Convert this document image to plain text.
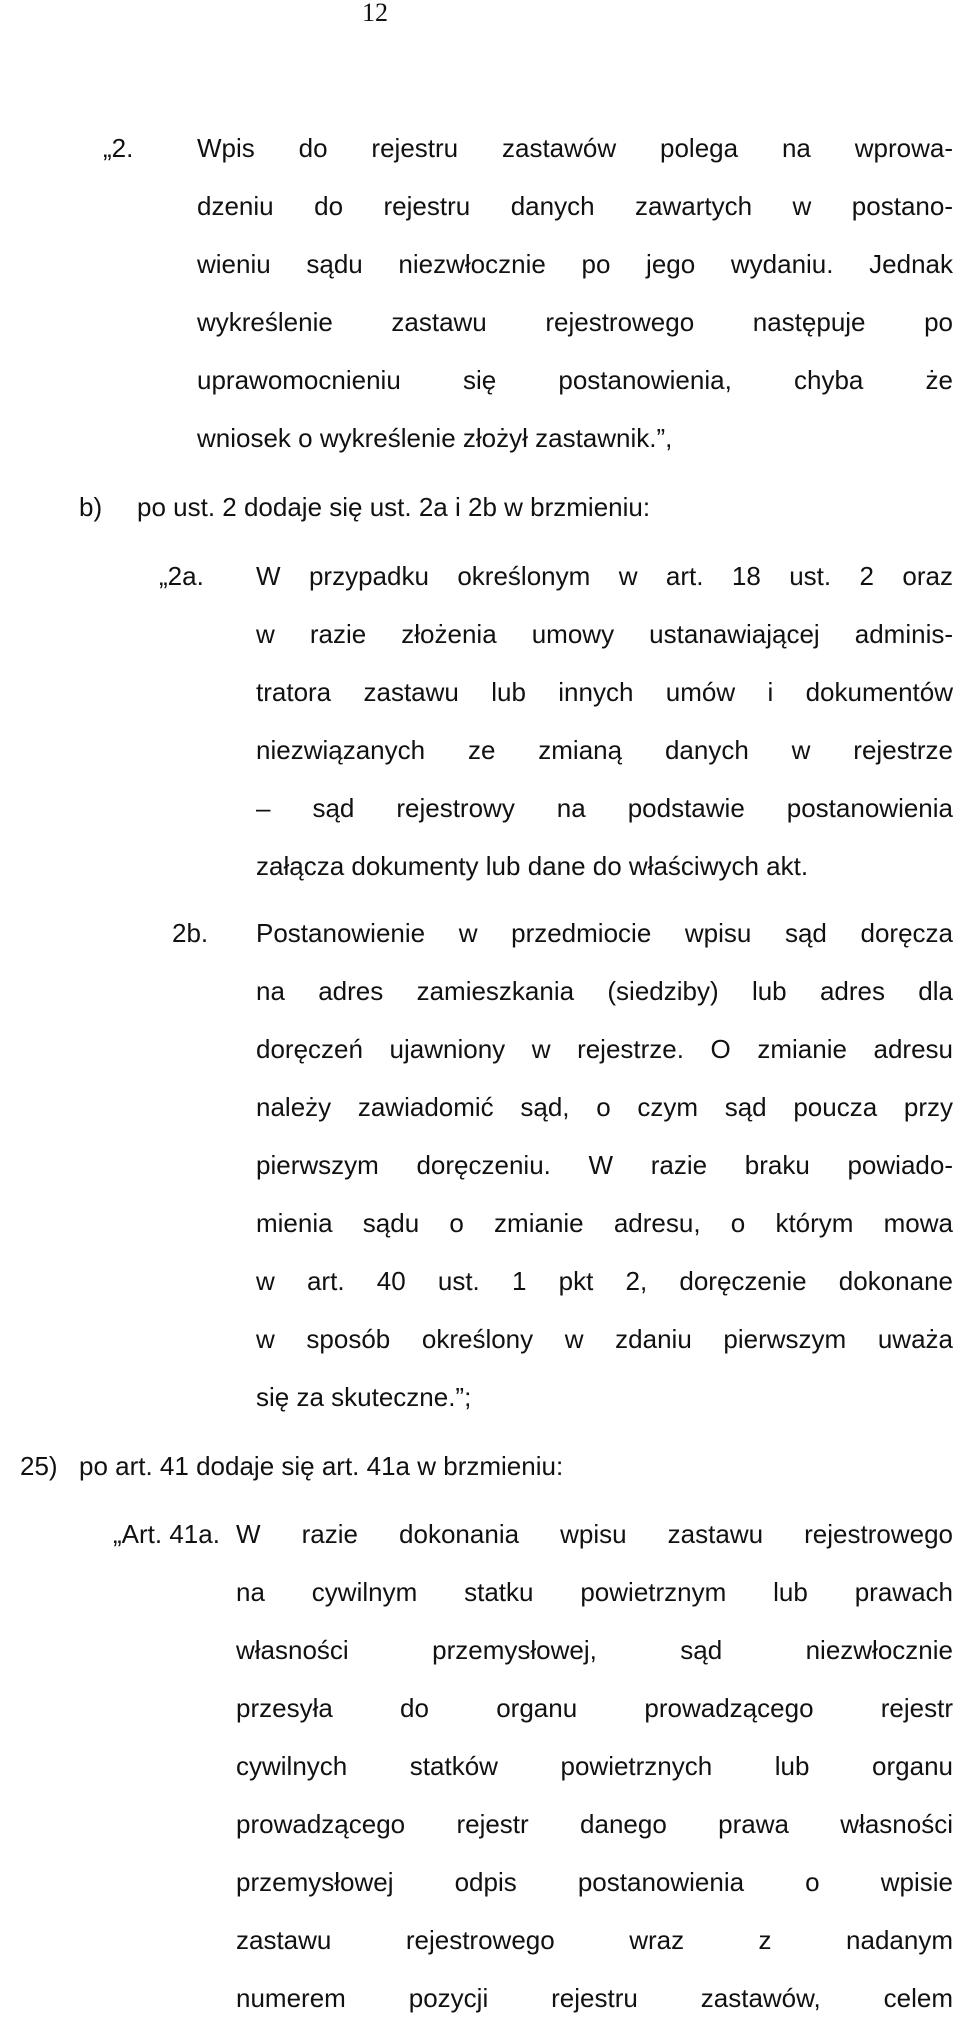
12
„2. Wpis do rejestru zastawów polega na wprowa-
dzeniu do rejestru danych zawartych w postano-
wieniu sądu niezwłocznie po jego wydaniu. Jednak
wykreślenie zastawu rejestrowego następuje po
uprawomocnieniu się postanowienia, chyba że
wniosek o wykreślenie złożył zastawnik.”,
b) po ust. 2 dodaje się ust. 2a i 2b w brzmieniu:
„2a. W przypadku określonym w art. 18 ust. 2 oraz
w razie złożenia umowy ustanawiającej adminis-
tratora zastawu lub innych umów i dokumentów
niezwiązanych ze zmianą danych w rejestrze
– sąd rejestrowy na podstawie postanowienia
załącza dokumenty lub dane do właściwych akt.
2b. Postanowienie w przedmiocie wpisu sąd doręcza
na adres zamieszkania (siedziby) lub adres dla
doręczeń ujawniony w rejestrze. O zmianie adresu
należy zawiadomić sąd, o czym sąd poucza przy
pierwszym doręczeniu. W razie braku powiado-
mienia sądu o zmianie adresu, o którym mowa
w art. 40 ust. 1 pkt 2, doręczenie dokonane
w sposób określony w zdaniu pierwszym uważa
się za skuteczne.”;
25) po art. 41 dodaje się art. 41a w brzmieniu:
„Art. 41a. W razie dokonania wpisu zastawu rejestrowego
na cywilnym statku powietrznym lub prawach
własności przemysłowej, sąd niezwłocznie
przesyła do organu prowadzącego rejestr
cywilnych statków powietrznych lub organu
prowadzącego rejestr danego prawa własności
przemysłowej odpis postanowienia o wpisie
zastawu rejestrowego wraz z nadanym
numerem pozycji rejestru zastawów, celem
